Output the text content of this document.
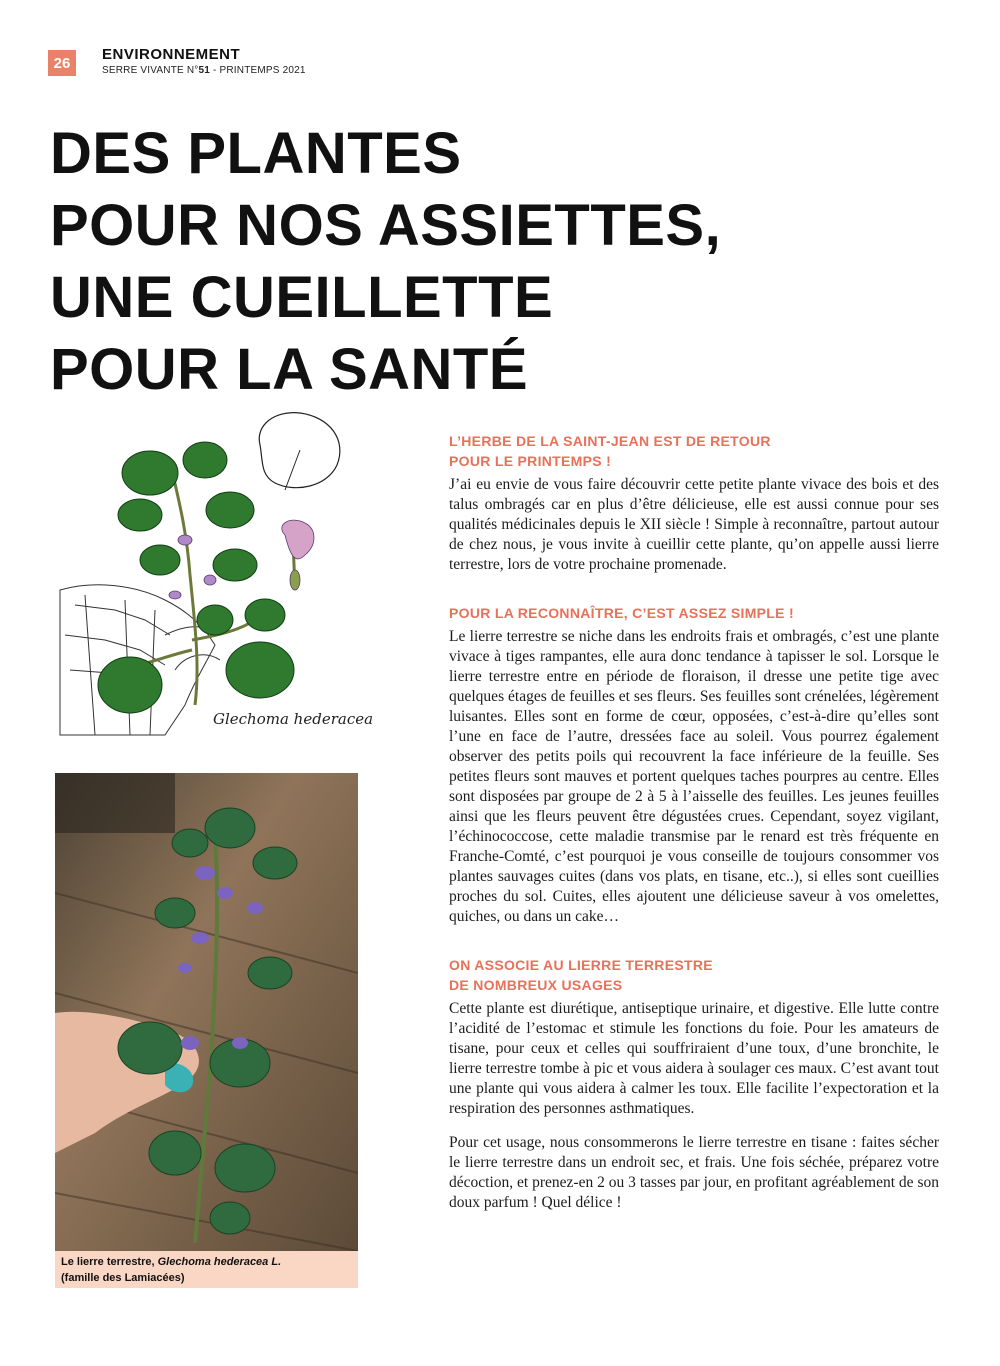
26	ENVIRONNEMENT
SERRE VIVANTE N°51 - PRINTEMPS 2021
DES PLANTES
POUR NOS ASSIETTES,
UNE CUEILLETTE
POUR LA SANTÉ
Glechoma hederacea
Le lierre terrestre, Glechoma hederacea L.
(famille des Lamiacées)
L’HERBE DE LA SAINT-JEAN EST DE RETOUR
POUR LE PRINTEMPS !

J’ai eu envie de vous faire découvrir cette petite plante vivace des bois et des talus ombragés car en plus d’être délicieuse, elle est aussi connue pour ses qualités médicinales depuis le XII siècle ! Simple à reconnaître, partout autour de chez nous, je vous invite à cueillir cette plante, qu’on appelle aussi lierre terrestre, lors de votre prochaine promenade.

POUR LA RECONNAÎTRE, C’EST ASSEZ SIMPLE !

Le lierre terrestre se niche dans les endroits frais et ombragés, c’est une plante vivace à tiges rampantes, elle aura donc tendance à tapisser le sol. Lorsque le lierre terrestre entre en période de floraison, il dresse une petite tige avec quelques étages de feuilles et ses fleurs. Ses feuilles sont crénelées, légèrement luisantes. Elles sont en forme de cœur, opposées, c’est-à-dire qu’elles sont l’une en face de l’autre, dressées face au soleil. Vous pourrez également observer des petits poils qui recouvrent la face inférieure de la feuille. Ses petites fleurs sont mauves et portent quelques taches pourpres au centre. Elles sont disposées par groupe de 2 à 5 à l’aisselle des feuilles. Les jeunes feuilles ainsi que les fleurs peuvent être dégustées crues. Cependant, soyez vigilant, l’échinococcose, cette maladie transmise par le renard est très fréquente en Franche-Comté, c’est pourquoi je vous conseille de toujours consommer vos plantes sauvages cuites (dans vos plats, en tisane, etc..), si elles sont cueillies proches du sol. Cuites, elles ajoutent une délicieuse saveur à vos omelettes, quiches, ou dans un cake…

ON ASSOCIE AU LIERRE TERRESTRE
DE NOMBREUX USAGES

Cette plante est diurétique, antiseptique urinaire, et digestive. Elle lutte contre l’acidité de l’estomac et stimule les fonctions du foie. Pour les amateurs de tisane, pour ceux et celles qui souffriraient d’une toux, d’une bronchite, le lierre terrestre tombe à pic et vous aidera à soulager ces maux. C’est avant tout une plante qui vous aidera à calmer les toux. Elle facilite l’expectoration et la respiration des personnes asthmatiques.

Pour cet usage, nous consommerons le lierre terrestre en tisane : faites sécher le lierre terrestre dans un endroit sec, et frais. Une fois séchée, préparez votre décoction, et prenez-en 2 ou 3 tasses par jour, en profitant agréablement de son doux parfum ! Quel délice !
